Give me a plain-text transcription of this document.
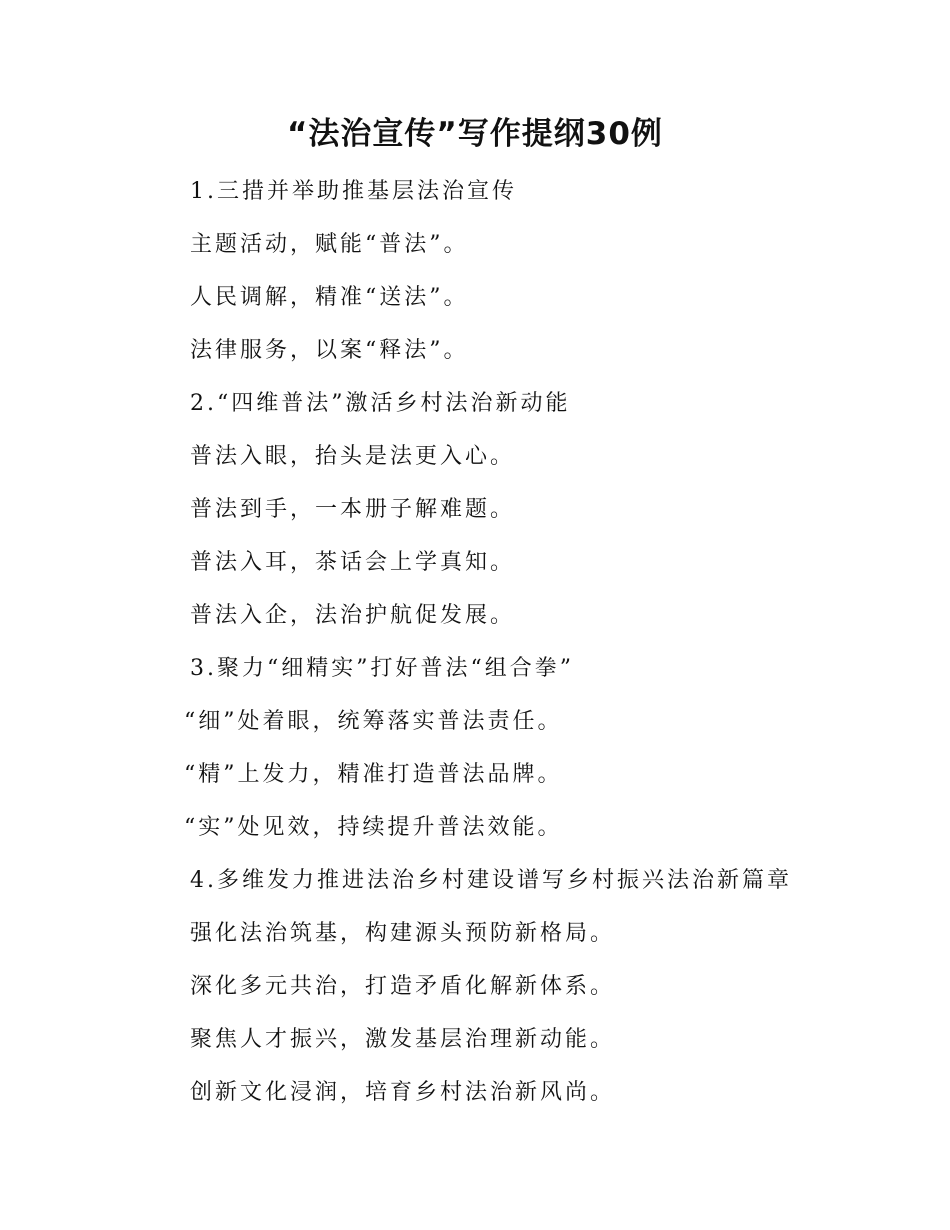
“法治宣传”写作提纲30例
1.三措并举助推基层法治宣传
主题活动，赋能“普法”。
人民调解，精准“送法”。
法律服务，以案“释法”。
2.“四维普法”激活乡村法治新动能
普法入眼，抬头是法更入心。
普法到手，一本册子解难题。
普法入耳，茶话会上学真知。
普法入企，法治护航促发展。
3.聚力“细精实”打好普法“组合拳”
“细”处着眼，统筹落实普法责任。
“精”上发力，精准打造普法品牌。
“实”处见效，持续提升普法效能。
4.多维发力推进法治乡村建设谱写乡村振兴法治新篇章
强化法治筑基，构建源头预防新格局。
深化多元共治，打造矛盾化解新体系。
聚焦人才振兴，激发基层治理新动能。
创新文化浸润，培育乡村法治新风尚。
